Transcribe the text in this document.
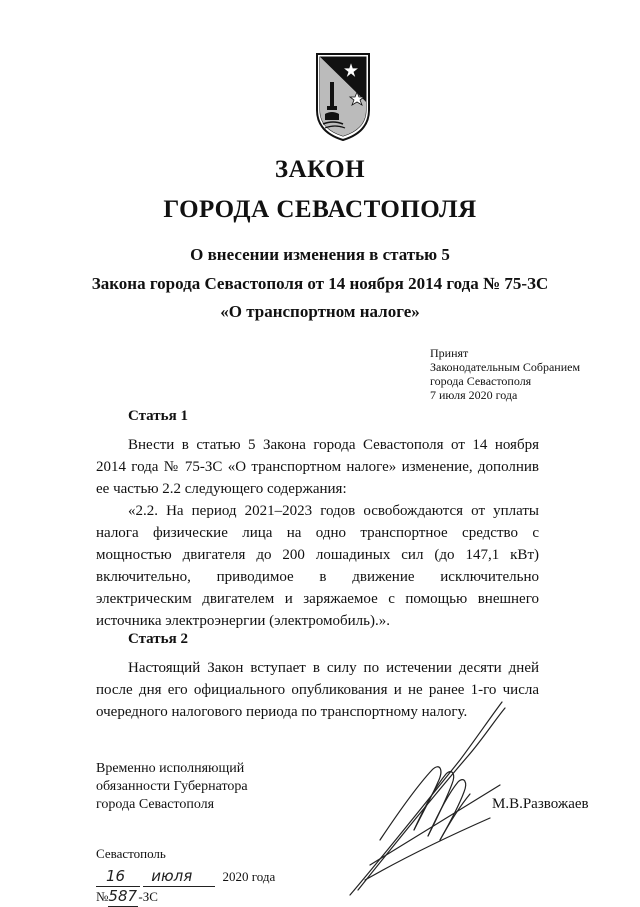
ЗАКОН
ГОРОДА СЕВАСТОПОЛЯ
О внесении изменения в статью 5
Закона города Севастополя от 14 ноября 2014 года № 75-ЗС
«О транспортном налоге»
Принят
Законодательным Собранием
города Севастополя
7 июля 2020 года
Статья 1
Внести в статью 5 Закона города Севастополя от 14 ноября 2014 года № 75-ЗС «О транспортном налоге» изменение, дополнив ее частью 2.2 следующего содержания:
«2.2. На период 2021–2023 годов освобождаются от уплаты налога физические лица на одно транспортное средство с мощностью двигателя до 200 лошадиных сил (до 147,1 кВт) включительно, приводимое в движение исключительно электрическим двигателем и заряжаемое с помощью внешнего источника электроэнергии (электромобиль).».
Статья 2
Настоящий Закон вступает в силу по истечении десяти дней после дня его официального опубликования и не ранее 1-го числа очередного налогового периода по транспортному налогу.
Временно исполняющий
обязанности Губернатора
города Севастополя	М.В.Развожаев
Севастополь
16 июля 2020 года
№587-ЗС
